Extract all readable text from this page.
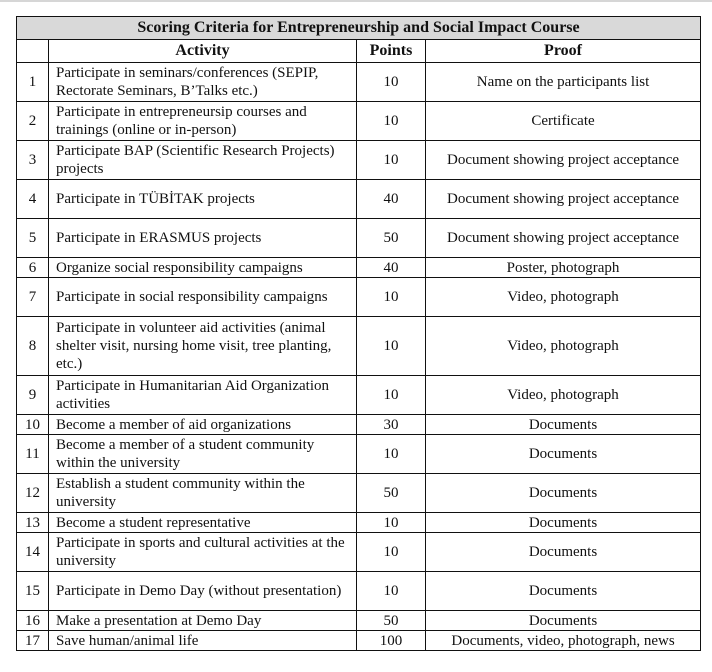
Scoring Criteria for Entrepreneurship and Social Impact Course			
	Activity	Points	Proof
1	Participate in seminars/conferences (SEPIP, Rectorate Seminars, B’Talks etc.)	10	Name on the participants list
2	Participate in entrepreneursip courses and trainings (online or in-person)	10	Certificate
3	Participate BAP (Scientific Research Projects) projects	10	Document showing project acceptance
4	Participate in TÜBİTAK projects	40	Document showing project acceptance
5	Participate in ERASMUS projects	50	Document showing project acceptance
6	Organize social responsibility campaigns	40	Poster, photograph
7	Participate in social responsibility campaigns	10	Video, photograph
8	Participate in volunteer aid activities (animal shelter visit, nursing home visit, tree planting, etc.)	10	Video, photograph
9	Participate in Humanitarian Aid Organization activities	10	Video, photograph
10	Become a member of aid organizations	30	Documents
11	Become a member of a student community within the university	10	Documents
12	Establish a student community within the university	50	Documents
13	Become a student representative	10	Documents
14	Participate in sports and cultural activities at the university	10	Documents
15	Participate in Demo Day (without presentation)	10	Documents
16	Make a presentation at Demo Day	50	Documents
17	Save human/animal life	100	Documents, video, photograph, news
